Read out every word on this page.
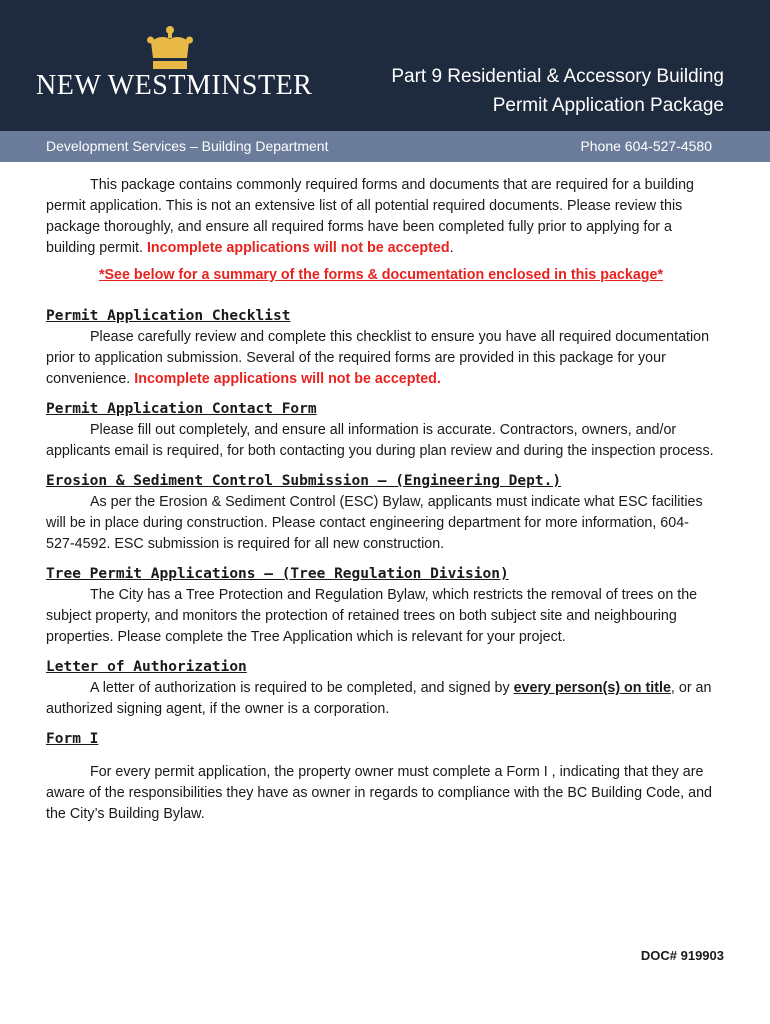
NEW WESTMINSTER	Part 9 Residential & Accessory Building
Permit Application Package
Development Services – Building Department	Phone 604-527-4580

This package contains commonly required forms and documents that are required for a building permit application. This is not an extensive list of all potential required documents. Please review this package thoroughly, and ensure all required forms have been completed fully prior to applying for a building permit. Incomplete applications will not be accepted.

*See below for a summary of the forms & documentation enclosed in this package*

Permit Application Checklist

Please carefully review and complete this checklist to ensure you have all required documentation prior to application submission. Several of the required forms are provided in this package for your convenience. Incomplete applications will not be accepted.

Permit Application Contact Form

Please fill out completely, and ensure all information is accurate. Contractors, owners, and/or applicants email is required, for both contacting you during plan review and during the inspection process.

Erosion & Sediment Control Submission – (Engineering Dept.)

As per the Erosion & Sediment Control (ESC) Bylaw, applicants must indicate what ESC facilities will be in place during construction. Please contact engineering department for more information, 604-527-4592. ESC submission is required for all new construction.

Tree Permit Applications – (Tree Regulation Division)

The City has a Tree Protection and Regulation Bylaw, which restricts the removal of trees on the subject property, and monitors the protection of retained trees on both subject site and neighbouring properties. Please complete the Tree Application which is relevant for your project.

Letter of Authorization

A letter of authorization is required to be completed, and signed by every person(s) on title, or an authorized signing agent, if the owner is a corporation.

Form I

For every permit application, the property owner must complete a Form I , indicating that they are aware of the responsibilities they have as owner in regards to compliance with the BC Building Code, and the City’s Building Bylaw.

DOC# 919903
